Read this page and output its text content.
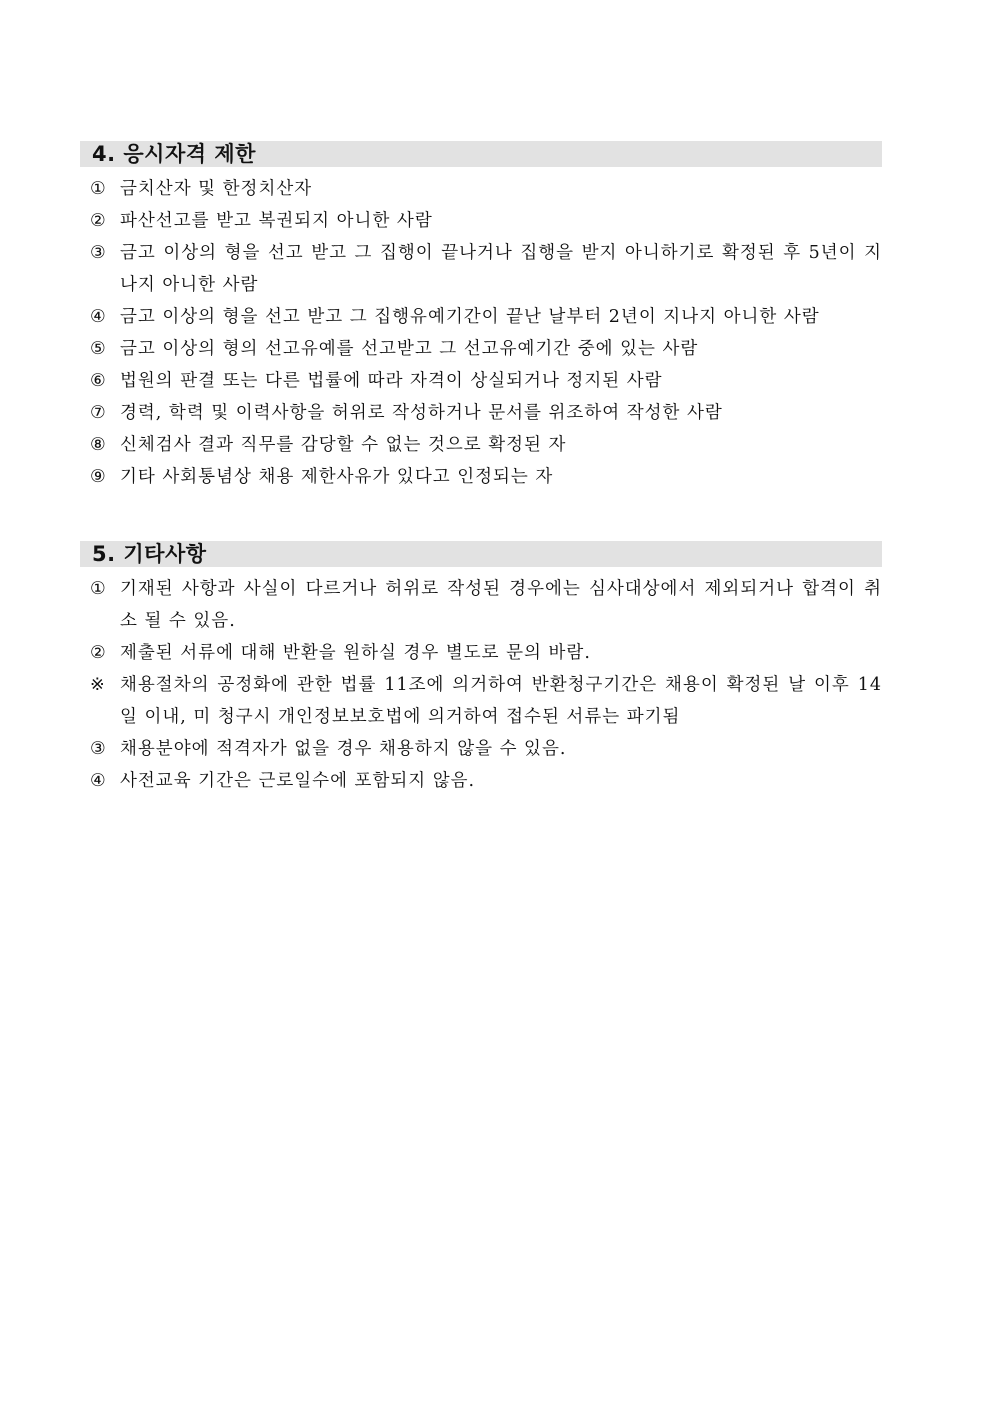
4. 응시자격 제한
① 금치산자 및 한정치산자
② 파산선고를 받고 복권되지 아니한 사람
③ 금고 이상의 형을 선고 받고 그 집행이 끝나거나 집행을 받지 아니하기로 확정된 후 5년이 지나지 아니한 사람
④ 금고 이상의 형을 선고 받고 그 집행유예기간이 끝난 날부터 2년이 지나지 아니한 사람
⑤ 금고 이상의 형의 선고유예를 선고받고 그 선고유예기간 중에 있는 사람
⑥ 법원의 판결 또는 다른 법률에 따라 자격이 상실되거나 정지된 사람
⑦ 경력, 학력 및 이력사항을 허위로 작성하거나 문서를 위조하여 작성한 사람
⑧ 신체검사 결과 직무를 감당할 수 없는 것으로 확정된 자
⑨ 기타 사회통념상 채용 제한사유가 있다고 인정되는 자
5. 기타사항
① 기재된 사항과 사실이 다르거나 허위로 작성된 경우에는 심사대상에서 제외되거나 합격이 취소 될 수 있음.
② 제출된 서류에 대해 반환을 원하실 경우 별도로 문의 바람.
※ 채용절차의 공정화에 관한 법률 11조에 의거하여 반환청구기간은 채용이 확정된 날 이후 14일 이내, 미 청구시 개인정보보호법에 의거하여 접수된 서류는 파기됨
③ 채용분야에 적격자가 없을 경우 채용하지 않을 수 있음.
④ 사전교육 기간은 근로일수에 포함되지 않음.
